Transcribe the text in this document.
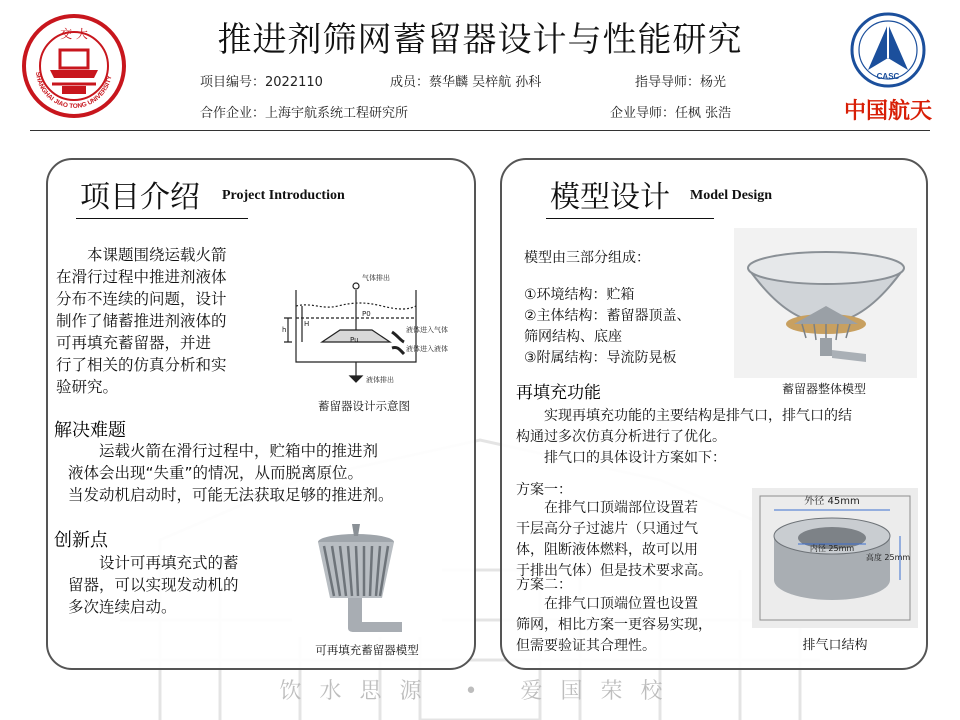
SHANGHAI JIAO TONG UNIVERSITY
交 大
CASC
中国航天
推进剂筛网蓄留器设计与性能研究
项目编号：2022110	成员：蔡华麟 吴梓航 孙科	指导导师：杨光
合作企业：上海宇航系统工程研究所	企业导师：任枫 张浩
项目介绍 Project Introduction
　　本课题围绕运载火箭
在滑行过程中推进剂液体
分布不连续的问题，设计
制作了储蓄推进剂液体的
可再填充蓄留器，并进
行了相关的仿真分析和实
验研究。
气体排出
P0
液体进入气体
液体进入液体
Pu
液体排出
h
H
蓄留器设计示意图
解决难题
　　运载火箭在滑行过程中，贮箱中的推进剂
液体会出现“失重”的情况，从而脱离原位。
当发动机启动时，可能无法获取足够的推进剂。
创新点
　　设计可再填充式的蓄
留器，可以实现发动机的
多次连续启动。
可再填充蓄留器模型
模型设计 Model Design
模型由三部分组成：
①环境结构：贮箱
②主体结构：蓄留器顶盖、
筛网结构、底座
③附属结构：导流防晃板
蓄留器整体模型
再填充功能
　　实现再填充功能的主要结构是排气口，排气口的结
构通过多次仿真分析进行了优化。
　　排气口的具体设计方案如下：
方案一：
　　在排气口顶端部位设置若
干层高分子过滤片（只通过气
体，阻断液体燃料，故可以用
于排出气体）但是技术要求高。
方案二：
　　在排气口顶端位置也设置
筛网，相比方案一更容易实现，
但需要验证其合理性。
外径 45mm
内径 25mm
高度 25mm
排气口结构
饮水思源 • 爱国荣校
